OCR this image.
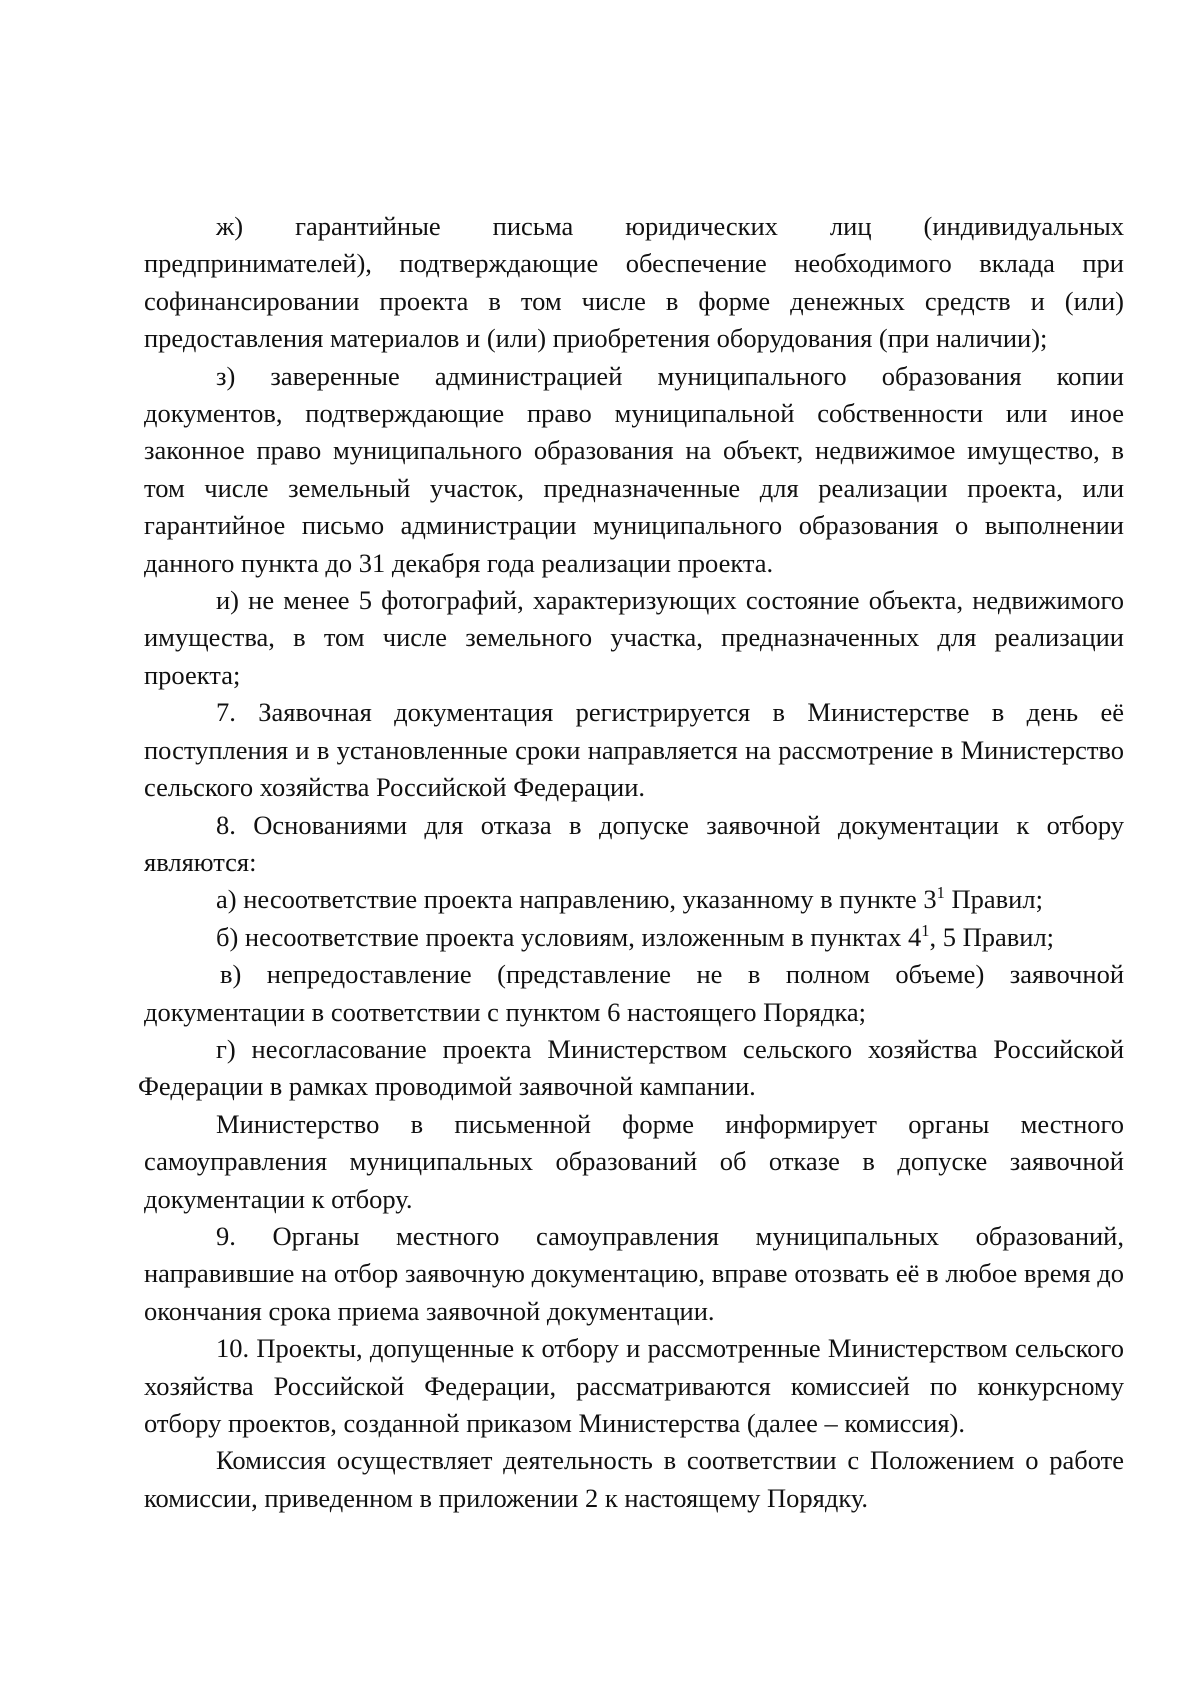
ж) гарантийные письма юридических лиц (индивидуальных предпринимателей), подтверждающие обеспечение необходимого вклада при софинансировании проекта в том числе в форме денежных средств и (или) предоставления материалов и (или) приобретения оборудования (при наличии);

з) заверенные администрацией муниципального образования копии документов, подтверждающие право муниципальной собственности или иное законное право муниципального образования на объект, недвижимое имущество, в том числе земельный участок, предназначенные для реализации проекта, или гарантийное письмо администрации муниципального образования о выполнении данного пункта до 31 декабря года реализации проекта.

и) не менее 5 фотографий, характеризующих состояние объекта, недвижимого имущества, в том числе земельного участка, предназначенных для реализации проекта;

7. Заявочная документация регистрируется в Министерстве в день её поступления и в установленные сроки направляется на рассмотрение в Министерство сельского хозяйства Российской Федерации.

8. Основаниями для отказа в допуске заявочной документации к отбору являются:

а) несоответствие проекта направлению, указанному в пункте $3^1$ Правил;

б) несоответствие проекта условиям, изложенным в пунктах $4^1$, 5 Правил;

в) непредоставление (представление не в полном объеме) заявочной документации в соответствии с пунктом 6 настоящего Порядка;

г) несогласование проекта Министерством сельского хозяйства Российской Федерации в рамках проводимой заявочной кампании.

Министерство в письменной форме информирует органы местного самоуправления муниципальных образований об отказе в допуске заявочной документации к отбору.

9. Органы местного самоуправления муниципальных образований, направившие на отбор заявочную документацию, вправе отозвать её в любое время до окончания срока приема заявочной документации.

10. Проекты, допущенные к отбору и рассмотренные Министерством сельского хозяйства Российской Федерации, рассматриваются комиссией по конкурсному отбору проектов, созданной приказом Министерства (далее – комиссия).

Комиссия осуществляет деятельность в соответствии с Положением о работе комиссии, приведенном в приложении 2 к настоящему Порядку.
